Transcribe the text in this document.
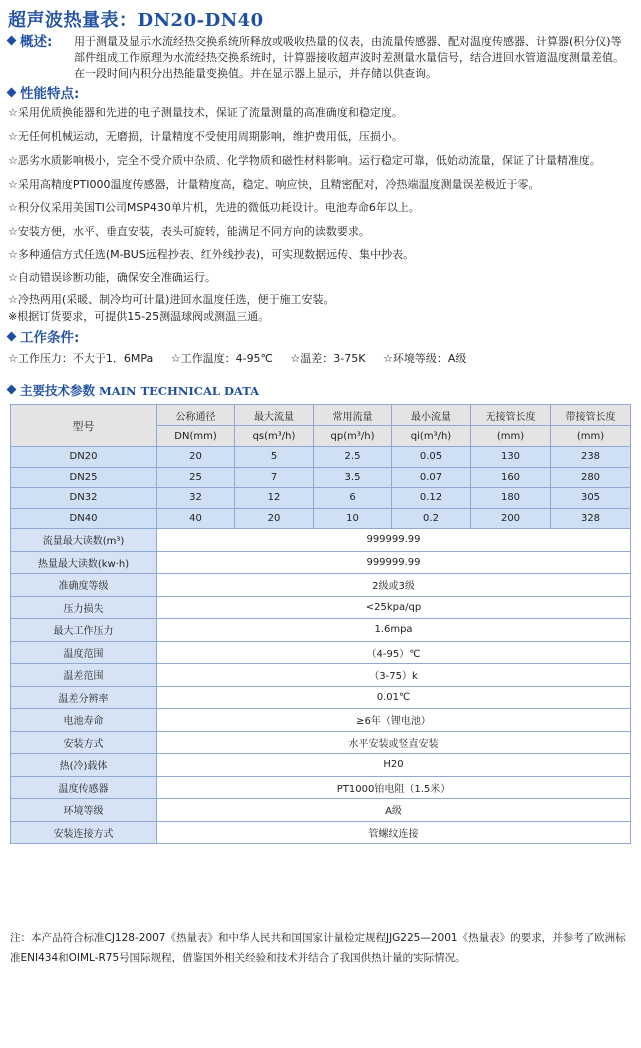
超声波热量表：DN20-DN40
概述: 用于测量及显示水流经热交换系统所释放或吸收热量的仪表，由流量传感器、配对温度传感器、计算器(积分仪)等部件组成工作原理为水流经热交换系统时，计算器接收超声波时差测量水量信号，结合进回水管道温度测量差值。在一段时间内积分出热能量变换值。并在显示器上显示，并存储以供查询。
性能特点:
☆采用优质换能器和先进的电子测量技术，保证了流量测量的高准确度和稳定度。
☆无任何机械运动，无磨损，计量精度不受使用周期影响，维护费用低，压损小。
☆恶劣水质影响极小，完全不受介质中杂质、化学物质和磁性材料影响。运行稳定可靠，低始动流量，保证了计量精准度。
☆采用高精度PTI000温度传感器，计量精度高，稳定、响应快，且精密配对，冷热端温度测量误差极近于零。
☆积分仪采用美国TⅠ公司MSP430单片机，先进的微低功耗设计。电池寿命6年以上。
☆安装方便，水平、垂直安装，表头可旋转，能满足不同方向的读数要求。
☆多种通信方式任选(M-BUS远程抄表、红外线抄表)，可实现数据远传、集中抄表。
☆自动错误诊断功能，确保安全准确运行。
☆冷热两用(采暖、制冷均可计量)进回水温度任选，便于施工安装。
※根据订货要求，可提供15-25测温球阀或测温三通。
工作条件:
☆工作压力：不大于1．6MPa ☆工作温度：4-95℃ ☆温差：3-75K ☆环境等级：A级
主要技术参数 MAIN TECHNICAL DATA
型号	公称通径	最大流量	常用流量	最小流量	无接管长度	带接管长度
	DN(mm)	qs(m³/h)	qp(m³/h)	qi(m³/h)	(mm)	(mm)
DN20	20	5	2.5	0.05	130	238
DN25	25	7	3.5	0.07	160	280
DN32	32	12	6	0.12	180	305
DN40	40	20	10	0.2	200	328
流量最大读数(m³)	999999.99					
热量最大读数(kw·h)	999999.99					
准确度等级	2级或3级					
压力损失	<25kpa/qp					
最大工作压力	1.6mpa					
温度范围	（4-95）℃					
温差范围	（3-75）k					
温差分辨率	0.01℃					
电池寿命	≥6年（锂电池）					
安装方式	水平安装或竖直安装					
热(冷)载体	H20					
温度传感器	PT1000铂电阻（1.5米）					
环境等级	A级					
安装连接方式	管螺纹连接					
注：本产品符合标准CJ128-2007《热量表》和中华人民共和国国家计量检定规程JJG225—2001《热量表》的要求，并参考了欧洲标准ENI434和OIML-R75号国际规程，借鉴国外相关经验和技术并结合了我国供热计量的实际情况。
